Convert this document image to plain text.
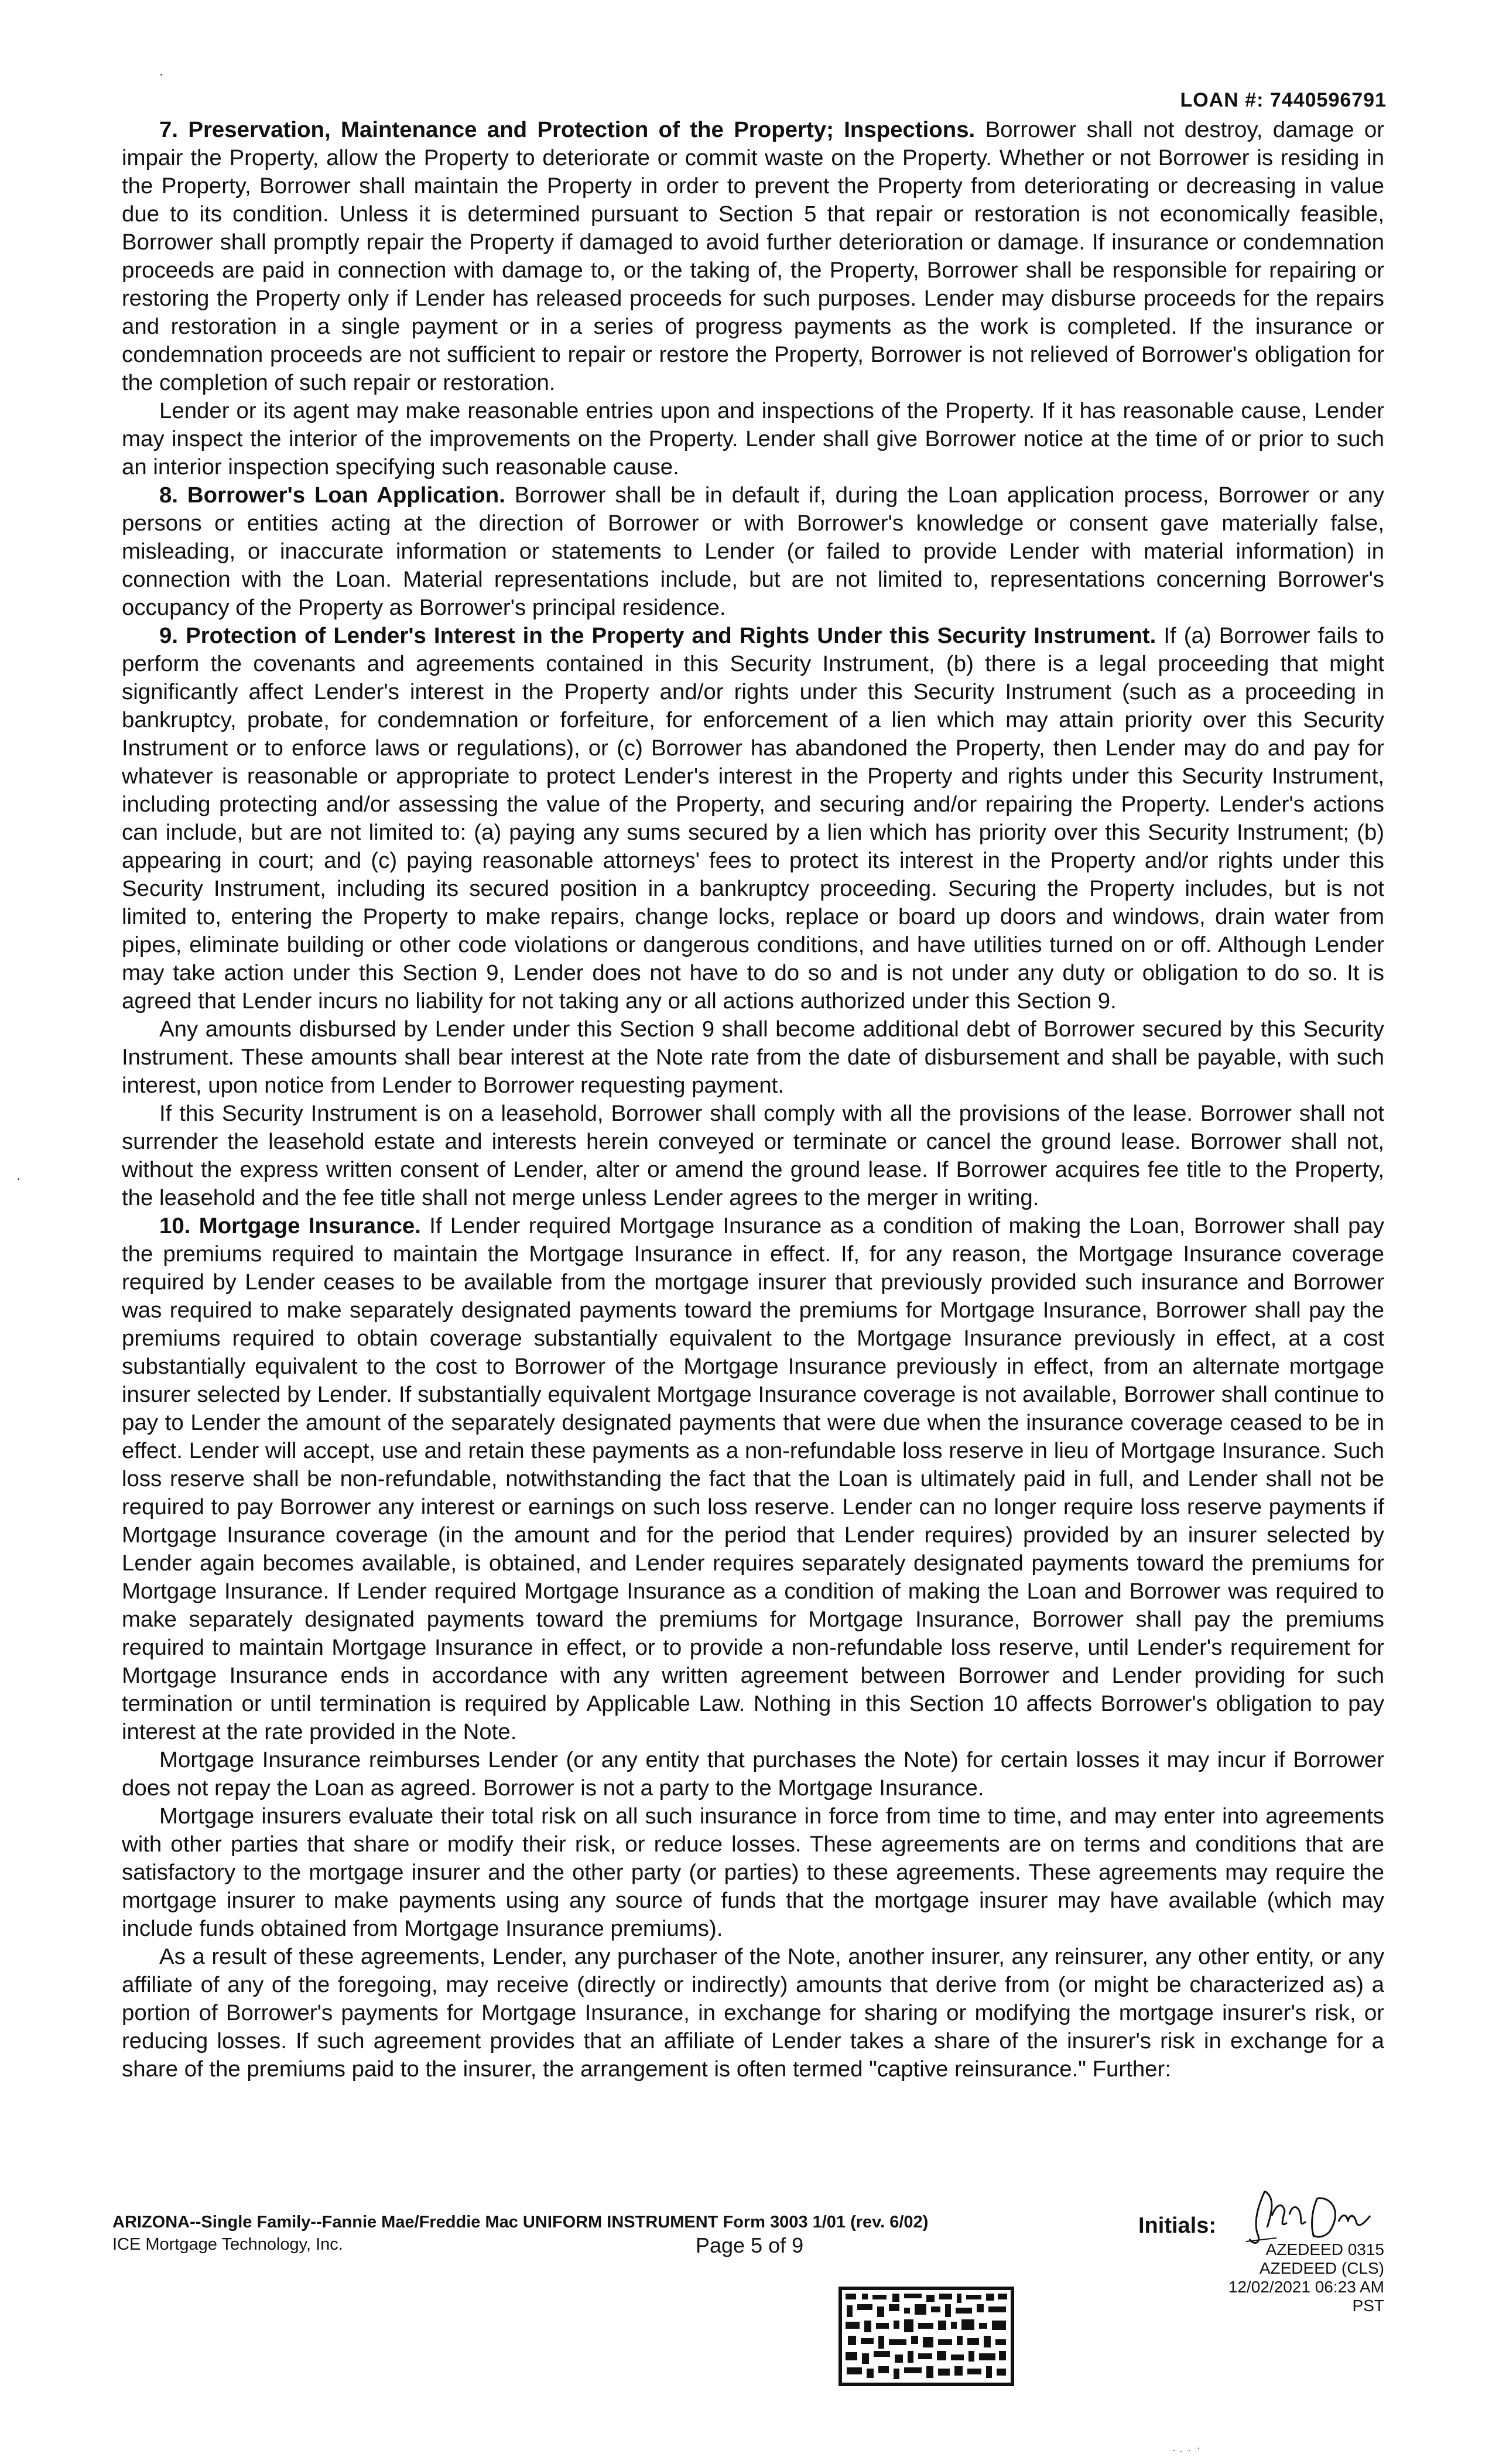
LOAN #: 7440596791

7. Preservation, Maintenance and Protection of the Property; Inspections. Borrower shall not destroy, damage or impair the Property, allow the Property to deteriorate or commit waste on the Property. Whether or not Borrower is residing in the Property, Borrower shall maintain the Property in order to prevent the Property from deteriorating or decreasing in value due to its condition. Unless it is determined pursuant to Section 5 that repair or restoration is not economically feasible, Borrower shall promptly repair the Property if damaged to avoid further deterioration or damage. If insurance or condemnation proceeds are paid in connection with damage to, or the taking of, the Property, Borrower shall be responsible for repairing or restoring the Property only if Lender has released proceeds for such purposes. Lender may disburse proceeds for the repairs and restoration in a single payment or in a series of progress payments as the work is completed. If the insurance or condemnation proceeds are not sufficient to repair or restore the Property, Borrower is not relieved of Borrower's obligation for the completion of such repair or restoration.

Lender or its agent may make reasonable entries upon and inspections of the Property. If it has reasonable cause, Lender may inspect the interior of the improvements on the Property. Lender shall give Borrower notice at the time of or prior to such an interior inspection specifying such reasonable cause.

8. Borrower's Loan Application. Borrower shall be in default if, during the Loan application process, Borrower or any persons or entities acting at the direction of Borrower or with Borrower's knowledge or consent gave materially false, misleading, or inaccurate information or statements to Lender (or failed to provide Lender with material information) in connection with the Loan. Material representations include, but are not limited to, representations concerning Borrower's occupancy of the Property as Borrower's principal residence.

9. Protection of Lender's Interest in the Property and Rights Under this Security Instrument. If (a) Borrower fails to perform the covenants and agreements contained in this Security Instrument, (b) there is a legal proceeding that might significantly affect Lender's interest in the Property and/or rights under this Security Instrument (such as a proceeding in bankruptcy, probate, for condemnation or forfeiture, for enforcement of a lien which may attain priority over this Security Instrument or to enforce laws or regulations), or (c) Borrower has abandoned the Property, then Lender may do and pay for whatever is reasonable or appropriate to protect Lender's interest in the Property and rights under this Security Instrument, including protecting and/or assessing the value of the Property, and securing and/or repairing the Property. Lender's actions can include, but are not limited to: (a) paying any sums secured by a lien which has priority over this Security Instrument; (b) appearing in court; and (c) paying reasonable attorneys' fees to protect its interest in the Property and/or rights under this Security Instrument, including its secured position in a bankruptcy proceeding. Securing the Property includes, but is not limited to, entering the Property to make repairs, change locks, replace or board up doors and windows, drain water from pipes, eliminate building or other code violations or dangerous conditions, and have utilities turned on or off. Although Lender may take action under this Section 9, Lender does not have to do so and is not under any duty or obligation to do so. It is agreed that Lender incurs no liability for not taking any or all actions authorized under this Section 9.

Any amounts disbursed by Lender under this Section 9 shall become additional debt of Borrower secured by this Security Instrument. These amounts shall bear interest at the Note rate from the date of disbursement and shall be payable, with such interest, upon notice from Lender to Borrower requesting payment.

If this Security Instrument is on a leasehold, Borrower shall comply with all the provisions of the lease. Borrower shall not surrender the leasehold estate and interests herein conveyed or terminate or cancel the ground lease. Borrower shall not, without the express written consent of Lender, alter or amend the ground lease. If Borrower acquires fee title to the Property, the leasehold and the fee title shall not merge unless Lender agrees to the merger in writing.

10. Mortgage Insurance. If Lender required Mortgage Insurance as a condition of making the Loan, Borrower shall pay the premiums required to maintain the Mortgage Insurance in effect. If, for any reason, the Mortgage Insurance coverage required by Lender ceases to be available from the mortgage insurer that previously provided such insurance and Borrower was required to make separately designated payments toward the premiums for Mortgage Insurance, Borrower shall pay the premiums required to obtain coverage substantially equivalent to the Mortgage Insurance previously in effect, at a cost substantially equivalent to the cost to Borrower of the Mortgage Insurance previously in effect, from an alternate mortgage insurer selected by Lender. If substantially equivalent Mortgage Insurance coverage is not available, Borrower shall continue to pay to Lender the amount of the separately designated payments that were due when the insurance coverage ceased to be in effect. Lender will accept, use and retain these payments as a non-refundable loss reserve in lieu of Mortgage Insurance. Such loss reserve shall be non-refundable, notwithstanding the fact that the Loan is ultimately paid in full, and Lender shall not be required to pay Borrower any interest or earnings on such loss reserve. Lender can no longer require loss reserve payments if Mortgage Insurance coverage (in the amount and for the period that Lender requires) provided by an insurer selected by Lender again becomes available, is obtained, and Lender requires separately designated payments toward the premiums for Mortgage Insurance. If Lender required Mortgage Insurance as a condition of making the Loan and Borrower was required to make separately designated payments toward the premiums for Mortgage Insurance, Borrower shall pay the premiums required to maintain Mortgage Insurance in effect, or to provide a non-refundable loss reserve, until Lender's requirement for Mortgage Insurance ends in accordance with any written agreement between Borrower and Lender providing for such termination or until termination is required by Applicable Law. Nothing in this Section 10 affects Borrower's obligation to pay interest at the rate provided in the Note.

Mortgage Insurance reimburses Lender (or any entity that purchases the Note) for certain losses it may incur if Borrower does not repay the Loan as agreed. Borrower is not a party to the Mortgage Insurance.

Mortgage insurers evaluate their total risk on all such insurance in force from time to time, and may enter into agreements with other parties that share or modify their risk, or reduce losses. These agreements are on terms and conditions that are satisfactory to the mortgage insurer and the other party (or parties) to these agreements. These agreements may require the mortgage insurer to make payments using any source of funds that the mortgage insurer may have available (which may include funds obtained from Mortgage Insurance premiums).

As a result of these agreements, Lender, any purchaser of the Note, another insurer, any reinsurer, any other entity, or any affiliate of any of the foregoing, may receive (directly or indirectly) amounts that derive from (or might be characterized as) a portion of Borrower's payments for Mortgage Insurance, in exchange for sharing or modifying the mortgage insurer's risk, or reducing losses. If such agreement provides that an affiliate of Lender takes a share of the insurer's risk in exchange for a share of the premiums paid to the insurer, the arrangement is often termed "captive reinsurance." Further:

ARIZONA--Single Family--Fannie Mae/Freddie Mac UNIFORM INSTRUMENT Form 3003 1/01 (rev. 6/02)
ICE Mortgage Technology, Inc.	Page 5 of 9
Initials:
AZEDEED 0315
AZEDEED (CLS)
12/02/2021 06:23 AM PST
